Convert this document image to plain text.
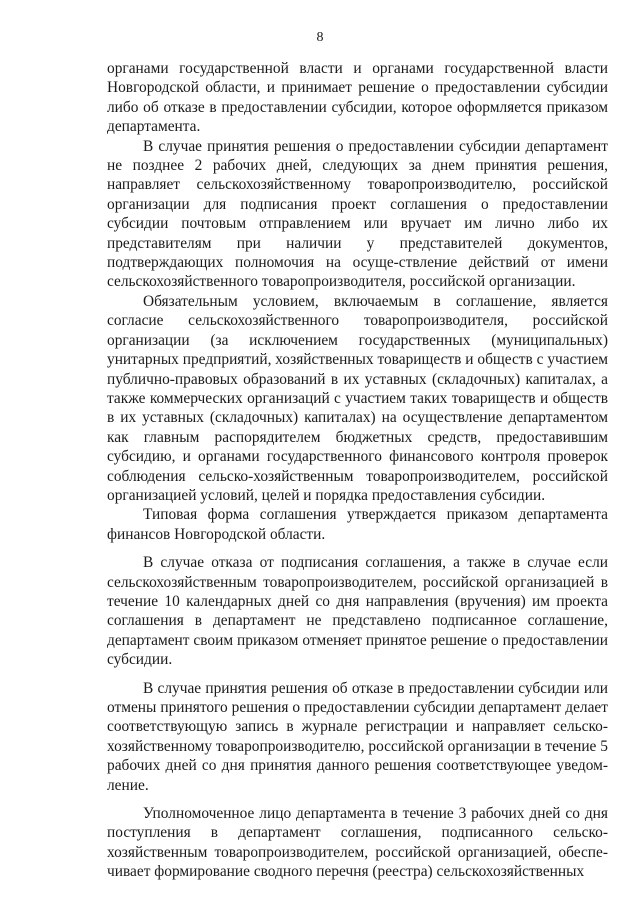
8

органами государственной власти и органами государственной власти Новгородской области, и принимает решение о предоставлении субсидии либо об отказе в предоставлении субсидии, которое оформляется приказом департамента.

В случае принятия решения о предоставлении субсидии департамент не позднее 2 рабочих дней, следующих за днем принятия решения, направляет сельскохозяйственному товаропроизводителю, российской организации для подписания проект соглашения о предоставлении субсидии почтовым отправлением или вручает им лично либо их представителям при наличии у представителей документов, подтверждающих полномочия на осуще-ствление действий от имени сельскохозяйственного товаропроизводителя, российской организации.

Обязательным условием, включаемым в соглашение, является согласие сельскохозяйственного товаропроизводителя, российской организации (за исключением государственных (муниципальных) унитарных предприятий, хозяйственных товариществ и обществ с участием публично-правовых образований в их уставных (складочных) капиталах, а также коммерческих организаций с участием таких товариществ и обществ в их уставных (складочных) капиталах) на осуществление департаментом как главным распорядителем бюджетных средств, предоставившим субсидию, и органами государственного финансового контроля проверок соблюдения сельско-хозяйственным товаропроизводителем, российской организацией условий, целей и порядка предоставления субсидии.

Типовая форма соглашения утверждается приказом департамента финансов Новгородской области.

В случае отказа от подписания соглашения, а также в случае если сельскохозяйственным товаропроизводителем, российской организацией в течение 10 календарных дней со дня направления (вручения) им проекта соглашения в департамент не представлено подписанное соглашение, департамент своим приказом отменяет принятое решение о предоставлении субсидии.

В случае принятия решения об отказе в предоставлении субсидии или отмены принятого решения о предоставлении субсидии департамент делает соответствующую запись в журнале регистрации и направляет сельско-хозяйственному товаропроизводителю, российской организации в течение 5 рабочих дней со дня принятия данного решения соответствующее уведом-ление.

Уполномоченное лицо департамента в течение 3 рабочих дней со дня поступления в департамент соглашения, подписанного сельско-хозяйственным товаропроизводителем, российской организацией, обеспе-чивает формирование сводного перечня (реестра) сельскохозяйственных
